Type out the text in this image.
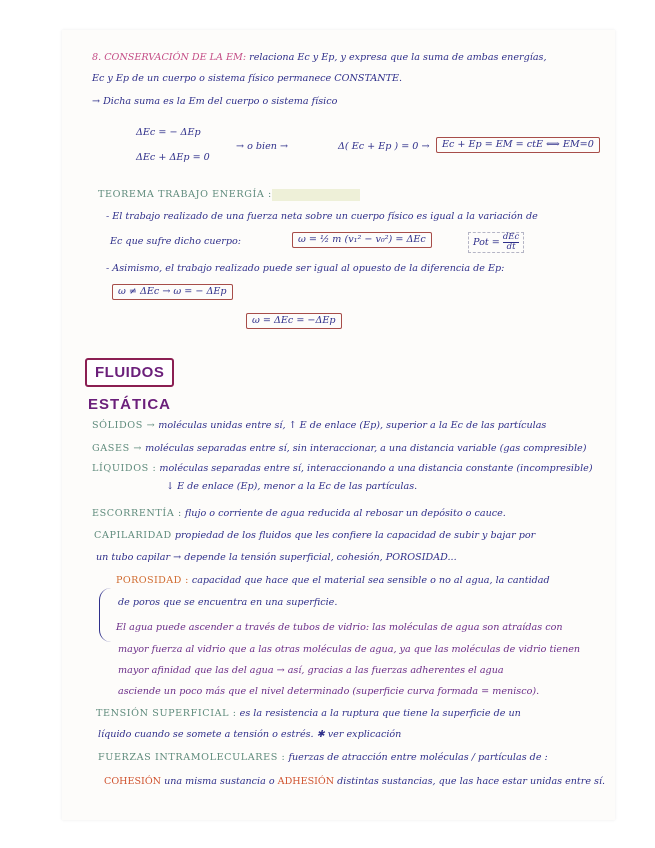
8. CONSERVACIÓN DE LA EM: relaciona Ec y Ep, y expresa que la suma de ambas energías,
Ec y Ep de un cuerpo o sistema físico permanece CONSTANTE.
→ Dicha suma es la Em del cuerpo o sistema físico
ΔEc = − ΔEp
ΔEc + ΔEp = 0
→ o bien →	Δ( Ec + Ep ) = 0 →	Ec + Ep = EM = ctE ⟺ EM=0
TEOREMA TRABAJO ENERGÍA :
- El trabajo realizado de una fuerza neta sobre un cuerpo físico es igual a la variación de
Ec que sufre dicho cuerpo:	ω = ½ m (v₁² − v₀²) = ΔEc	Pot = $\frac{\text{dEc}}{dt}$
- Asimismo, el trabajo realizado puede ser igual al opuesto de la diferencia de Ep:
ω ≠ ΔEc → ω = − ΔEp
ω = ΔEc = −ΔEp
FLUIDOS
ESTÁTICA
SÓLIDOS → moléculas unidas entre sí, ↑ E de enlace (Ep), superior a la Ec de las partículas
GASES → moléculas separadas entre sí, sin interaccionar, a una distancia variable (gas compresible)
LÍQUIDOS : moléculas separadas entre sí, interaccionando a una distancia constante (incompresible)
↓ E de enlace (Ep), menor a la Ec de las partículas.
ESCORRENTÍA : flujo o corriente de agua reducida al rebosar un depósito o cauce.
CAPILARIDAD propiedad de los fluidos que les confiere la capacidad de subir y bajar por
un tubo capilar → depende la tensión superficial, cohesión, POROSIDAD...
POROSIDAD : capacidad que hace que el material sea sensible o no al agua, la cantidad
de poros que se encuentra en una superficie.
El agua puede ascender a través de tubos de vidrio: las moléculas de agua son atraídas con
mayor fuerza al vidrio que a las otras moléculas de agua, ya que las moléculas de vidrio tienen
mayor afinidad que las del agua → así, gracias a las fuerzas adherentes el agua
asciende un poco más que el nivel determinado (superficie curva formada = menisco).
TENSIÓN SUPERFICIAL : es la resistencia a la ruptura que tiene la superficie de un
líquido cuando se somete a tensión o estrés. ✱ ver explicación
FUERZAS INTRAMOLECULARES : fuerzas de atracción entre moléculas / partículas de :
COHESIÓN una misma sustancia o ADHESIÓN distintas sustancias, que las hace estar unidas entre sí.
